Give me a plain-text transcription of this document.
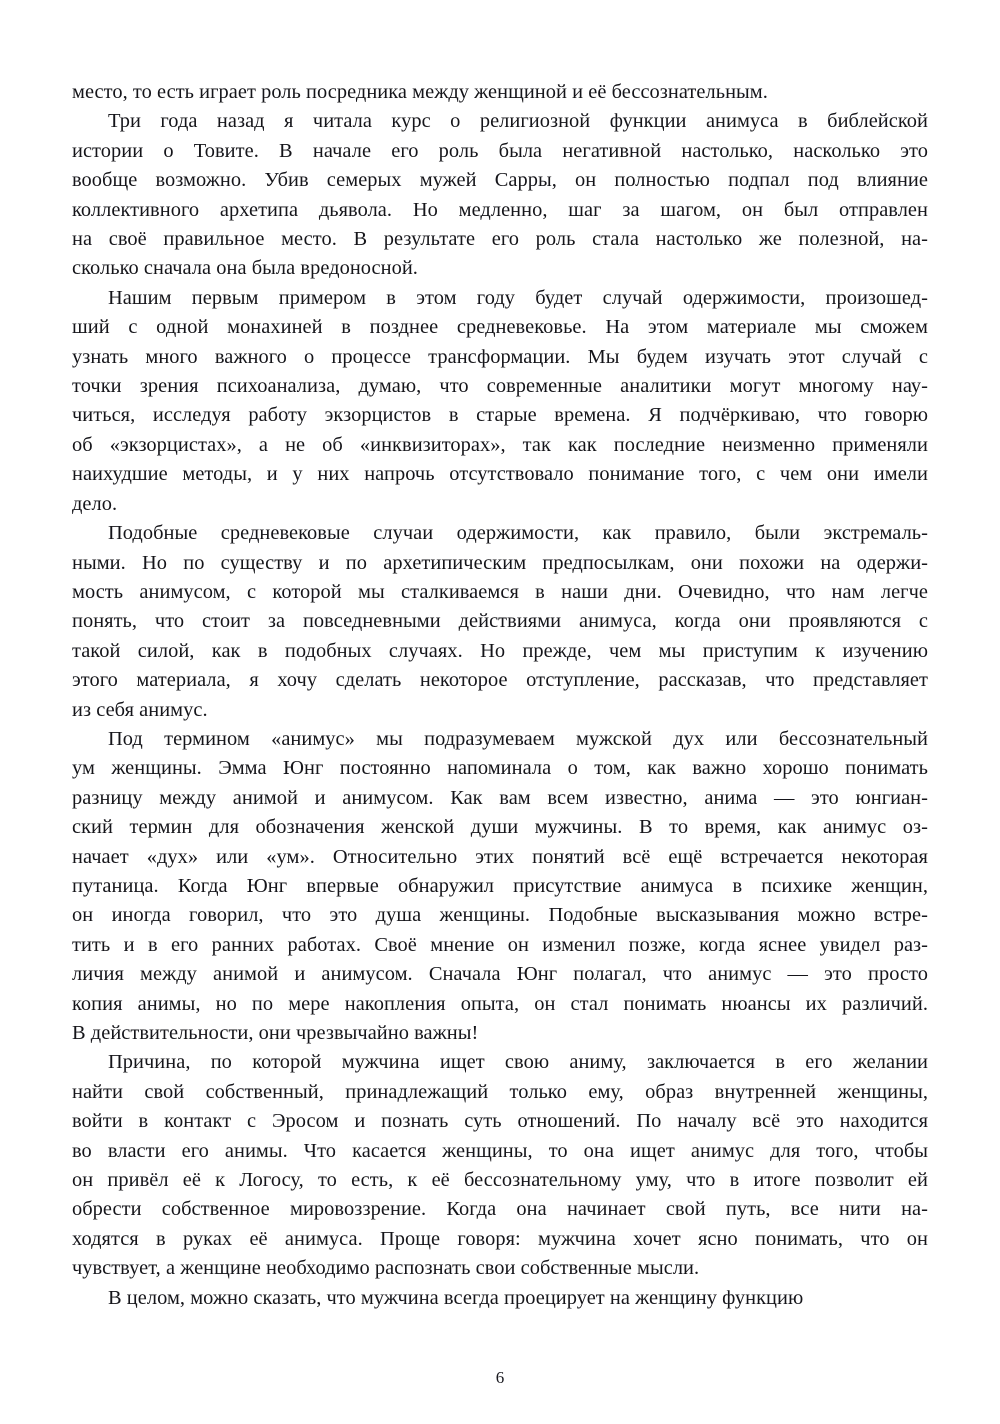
место, то есть играет роль посредника между женщиной и её бессознательным.
Три года назад я читала курс о религиозной функции анимуса в библейской
истории о Товите. В начале его роль была негативной настолько, насколько это
вообще возможно. Убив семерых мужей Сарры, он полностью подпал под влияние
коллективного архетипа дьявола. Но медленно, шаг за шагом, он был отправлен
на своё правильное место. В результате его роль стала настолько же полезной, на-
сколько сначала она была вредоносной.
Нашим первым примером в этом году будет случай одержимости, произошед-
ший с одной монахиней в позднее средневековье. На этом материале мы сможем
узнать много важного о процессе трансформации. Мы будем изучать этот случай с
точки зрения психоанализа, думаю, что современные аналитики могут многому нау-
читься, исследуя работу экзорцистов в старые времена. Я подчёркиваю, что говорю
об «экзорцистах», а не об «инквизиторах», так как последние неизменно применяли
наихудшие методы, и у них напрочь отсутствовало понимание того, с чем они имели
дело.
Подобные средневековые случаи одержимости, как правило, были экстремаль-
ными. Но по существу и по архетипическим предпосылкам, они похожи на одержи-
мость анимусом, с которой мы сталкиваемся в наши дни. Очевидно, что нам легче
понять, что стоит за повседневными действиями анимуса, когда они проявляются с
такой силой, как в подобных случаях. Но прежде, чем мы приступим к изучению
этого материала, я хочу сделать некоторое отступление, рассказав, что представляет
из себя анимус.
Под термином «анимус» мы подразумеваем мужской дух или бессознательный
ум женщины. Эмма Юнг постоянно напоминала о том, как важно хорошо понимать
разницу между анимой и анимусом. Как вам всем известно, анима — это юнгиан-
ский термин для обозначения женской души мужчины. В то время, как анимус оз-
начает «дух» или «ум». Относительно этих понятий всё ещё встречается некоторая
путаница. Когда Юнг впервые обнаружил присутствие анимуса в психике женщин,
он иногда говорил, что это душа женщины. Подобные высказывания можно встре-
тить и в его ранних работах. Своё мнение он изменил позже, когда яснее увидел раз-
личия между анимой и анимусом. Сначала Юнг полагал, что анимус — это просто
копия анимы, но по мере накопления опыта, он стал понимать нюансы их различий.
В действительности, они чрезвычайно важны!
Причина, по которой мужчина ищет свою аниму, заключается в его желании
найти свой собственный, принадлежащий только ему, образ внутренней женщины,
войти в контакт с Эросом и познать суть отношений. По началу всё это находится
во власти его анимы. Что касается женщины, то она ищет анимус для того, чтобы
он привёл её к Логосу, то есть, к её бессознательному уму, что в итоге позволит ей
обрести собственное мировоззрение. Когда она начинает свой путь, все нити на-
ходятся в руках её анимуса. Проще говоря: мужчина хочет ясно понимать, что он
чувствует, а женщине необходимо распознать свои собственные мысли.
В целом, можно сказать, что мужчина всегда проецирует на женщину функцию
6
